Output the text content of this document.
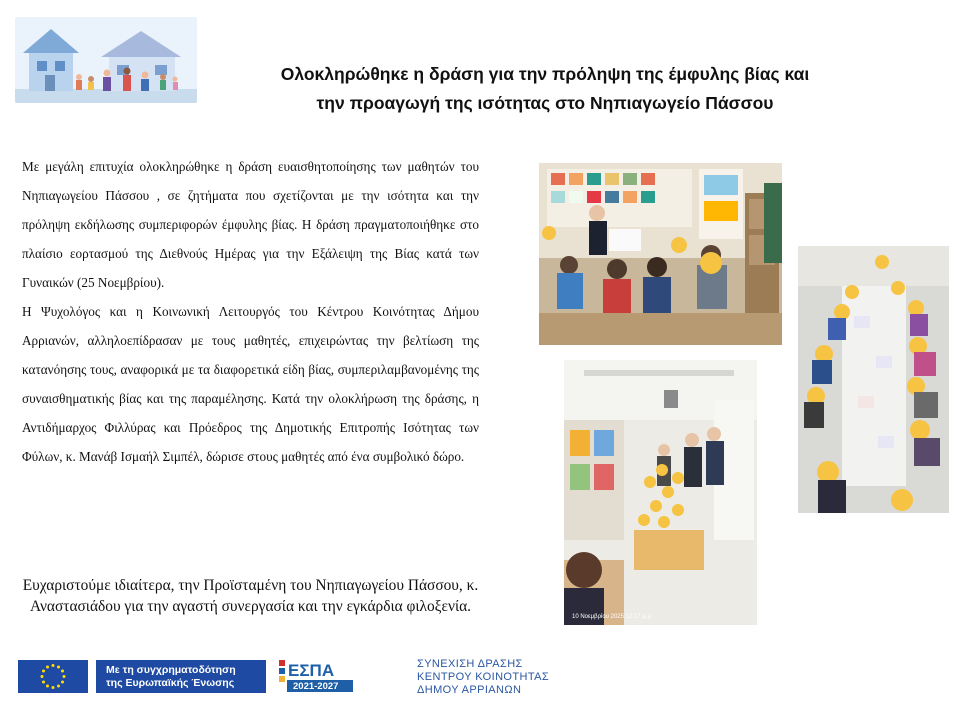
Ολοκληρώθηκε η δράση για την πρόληψη της έμφυλης βίας και
την προαγωγή της ισότητας στο Νηπιαγωγείο Πάσσου

Με μεγάλη επιτυχία ολοκληρώθηκε η δράση ευαισθητοποίησης των μαθητών του Νηπιαγωγείου Πάσσου , σε ζητήματα που σχετίζονται με την ισότητα και την πρόληψη εκδήλωσης συμπεριφορών έμφυλης βίας. Η δράση πραγματοποιήθηκε στο πλαίσιο εορτασμού της Διεθνούς Ημέρας για την Εξάλειψη της Βίας κατά των Γυναικών (25 Νοεμβρίου).

Η Ψυχολόγος και η Κοινωνική Λειτουργός του Κέντρου Κοινότητας Δήμου Αρριανών, αλληλοεπίδρασαν με τους μαθητές, επιχειρώντας την βελτίωση της κατανόησης τους, αναφορικά με τα διαφορετικά είδη βίας, συμπεριλαμβανομένης της συναισθηματικής βίας και της παραμέλησης. Κατά την ολοκλήρωση της δράσης, η Αντιδήμαρχος Φιλλύρας και Πρόεδρος της Δημοτικής Επιτροπής Ισότητας των Φύλων, κ. Μανάβ Ισμαήλ Σιμπέλ, δώρισε στους μαθητές από ένα συμβολικό δώρο.

Ευχαριστούμε ιδιαίτερα, την Προϊσταμένη του Νηπιαγωγείου Πάσσου, κ. Αναστασιάδου για την αγαστή συνεργασία και την εγκάρδια φιλοξενία.
10 Νοεμβρίου 2025 12:17 μ.μ.
Με τη συγχρηματοδότηση
της Ευρωπαϊκής Ένωσης
ΕΣΠΑ
2021-2027
ΣΥΝΕΧΙΣΗ ΔΡΑΣΗΣ
ΚΕΝΤΡΟΥ ΚΟΙΝΟΤΗΤΑΣ
ΔΗΜΟΥ ΑΡΡΙΑΝΩΝ
